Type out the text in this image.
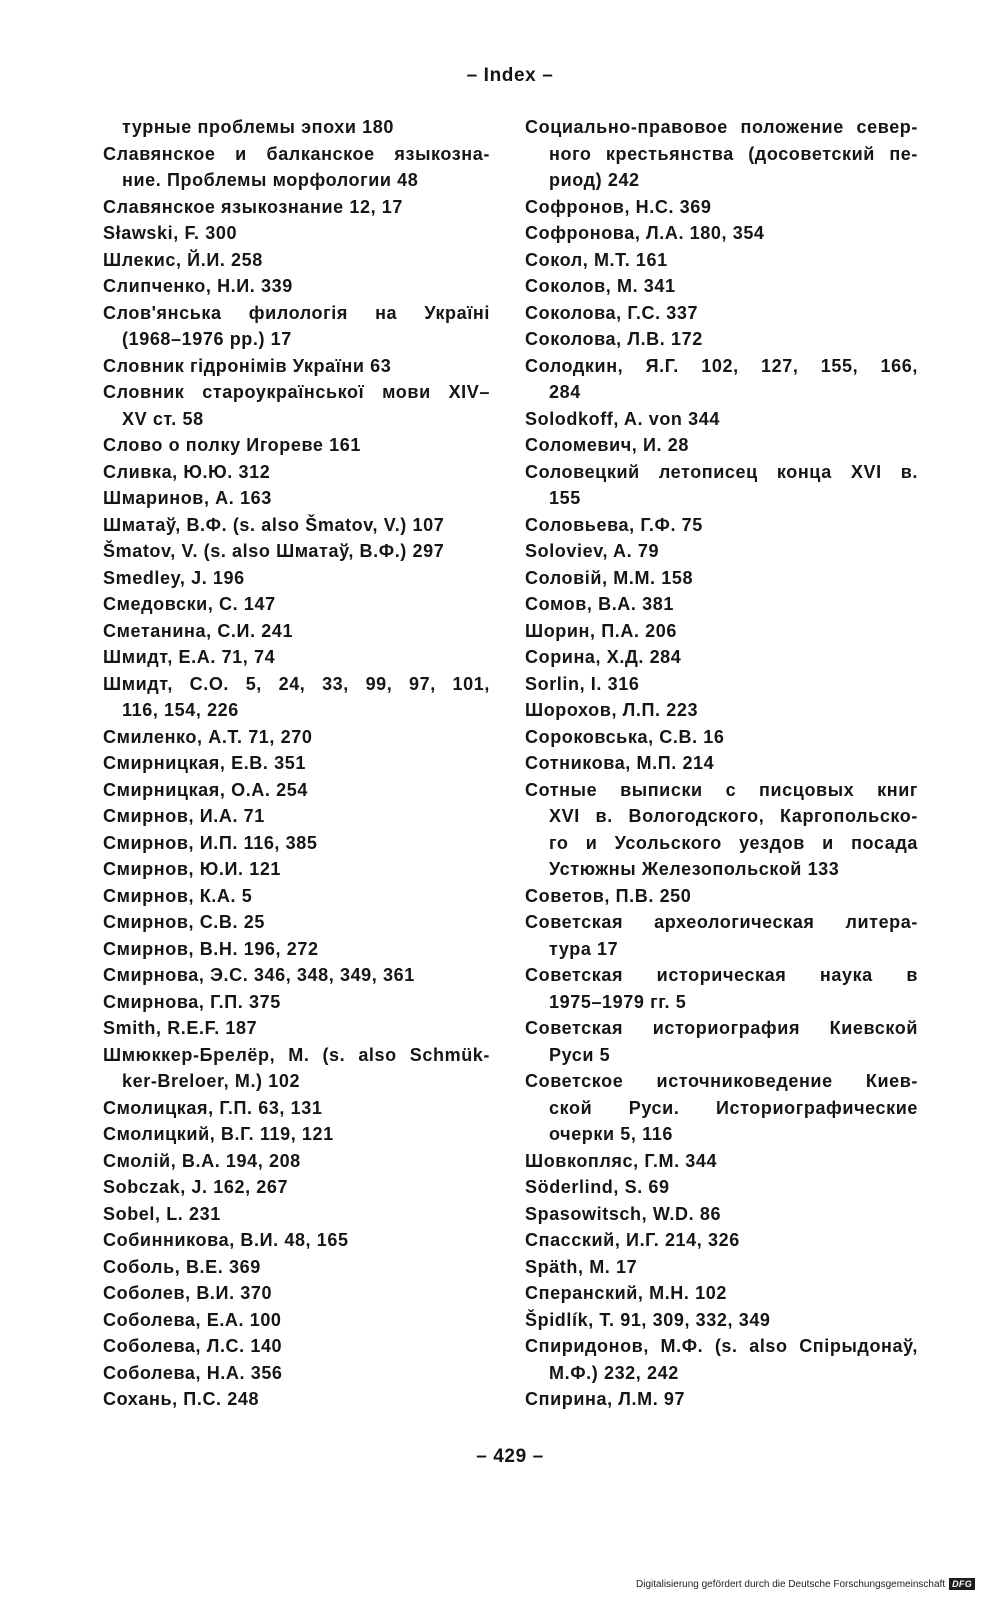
– Index –
турные проблемы эпохи 180
Славянское и балканское языкозна-
ние. Проблемы морфологии 48
Славянское языкознание 12, 17
Sławski, F. 300
Шлекис, Й.И. 258
Слипченко, Н.И. 339
Слов'янська филологія на Україні
(1968–1976 рр.) 17
Словник гідронімів України 63
Словник староукраїнської мови XIV–
XV ст. 58
Слово о полку Игореве 161
Сливка, Ю.Ю. 312
Шмаринов, А. 163
Шматаў, В.Ф. (s. also Šmatov, V.) 107
Šmatov, V. (s. also Шматаў, В.Ф.) 297
Smedley, J. 196
Смедовски, С. 147
Сметанина, С.И. 241
Шмидт, Е.А. 71, 74
Шмидт, С.О. 5, 24, 33, 99, 97, 101,
116, 154, 226
Смиленко, А.Т. 71, 270
Смирницкая, Е.В. 351
Смирницкая, О.А. 254
Смирнов, И.А. 71
Смирнов, И.П. 116, 385
Смирнов, Ю.И. 121
Смирнов, К.А. 5
Смирнов, С.В. 25
Смирнов, В.Н. 196, 272
Смирнова, Э.С. 346, 348, 349, 361
Смирнова, Г.П. 375
Smith, R.E.F. 187
Шмюккер-Брелёр, М. (s. also Schmük-
ker-Breloer, M.) 102
Смолицкая, Г.П. 63, 131
Смолицкий, В.Г. 119, 121
Смолій, В.А. 194, 208
Sobczak, J. 162, 267
Sobel, L. 231
Собинникова, В.И. 48, 165
Соболь, В.Е. 369
Соболев, В.И. 370
Соболева, Е.А. 100
Соболева, Л.С. 140
Соболева, Н.А. 356
Сохань, П.С. 248
Социально-правовое положение север-
ного крестьянства (досоветский пе-
риод) 242
Софронов, Н.С. 369
Софронова, Л.А. 180, 354
Сокол, М.Т. 161
Соколов, М. 341
Соколова, Г.С. 337
Соколова, Л.В. 172
Солодкин, Я.Г. 102, 127, 155, 166,
284
Solodkoff, A. von 344
Соломевич, И. 28
Соловецкий летописец конца XVI в.
155
Соловьева, Г.Ф. 75
Soloviev, A. 79
Соловій, М.М. 158
Сомов, В.А. 381
Шорин, П.А. 206
Сорина, Х.Д. 284
Sorlin, I. 316
Шорохов, Л.П. 223
Сороковська, С.В. 16
Сотникова, М.П. 214
Сотные выписки с писцовых книг
XVI в. Вологодского, Каргопольско-
го и Усольского уездов и посада
Устюжны Железопольской 133
Советов, П.В. 250
Советская археологическая литера-
тура 17
Советская историческая наука в
1975–1979 гг. 5
Советская историография Киевской
Руси 5
Советское источниковедение Киев-
ской Руси. Историографические
очерки 5, 116
Шовкопляс, Г.М. 344
Söderlind, S. 69
Spasowitsch, W.D. 86
Спасский, И.Г. 214, 326
Späth, M. 17
Сперанский, М.Н. 102
Špidlík, T. 91, 309, 332, 349
Спиридонов, М.Ф. (s. also Спірыдонаў,
М.Ф.) 232, 242
Спирина, Л.М. 97
– 429 –
Digitalisierung gefördert durch die Deutsche Forschungsgemeinschaft DFG
